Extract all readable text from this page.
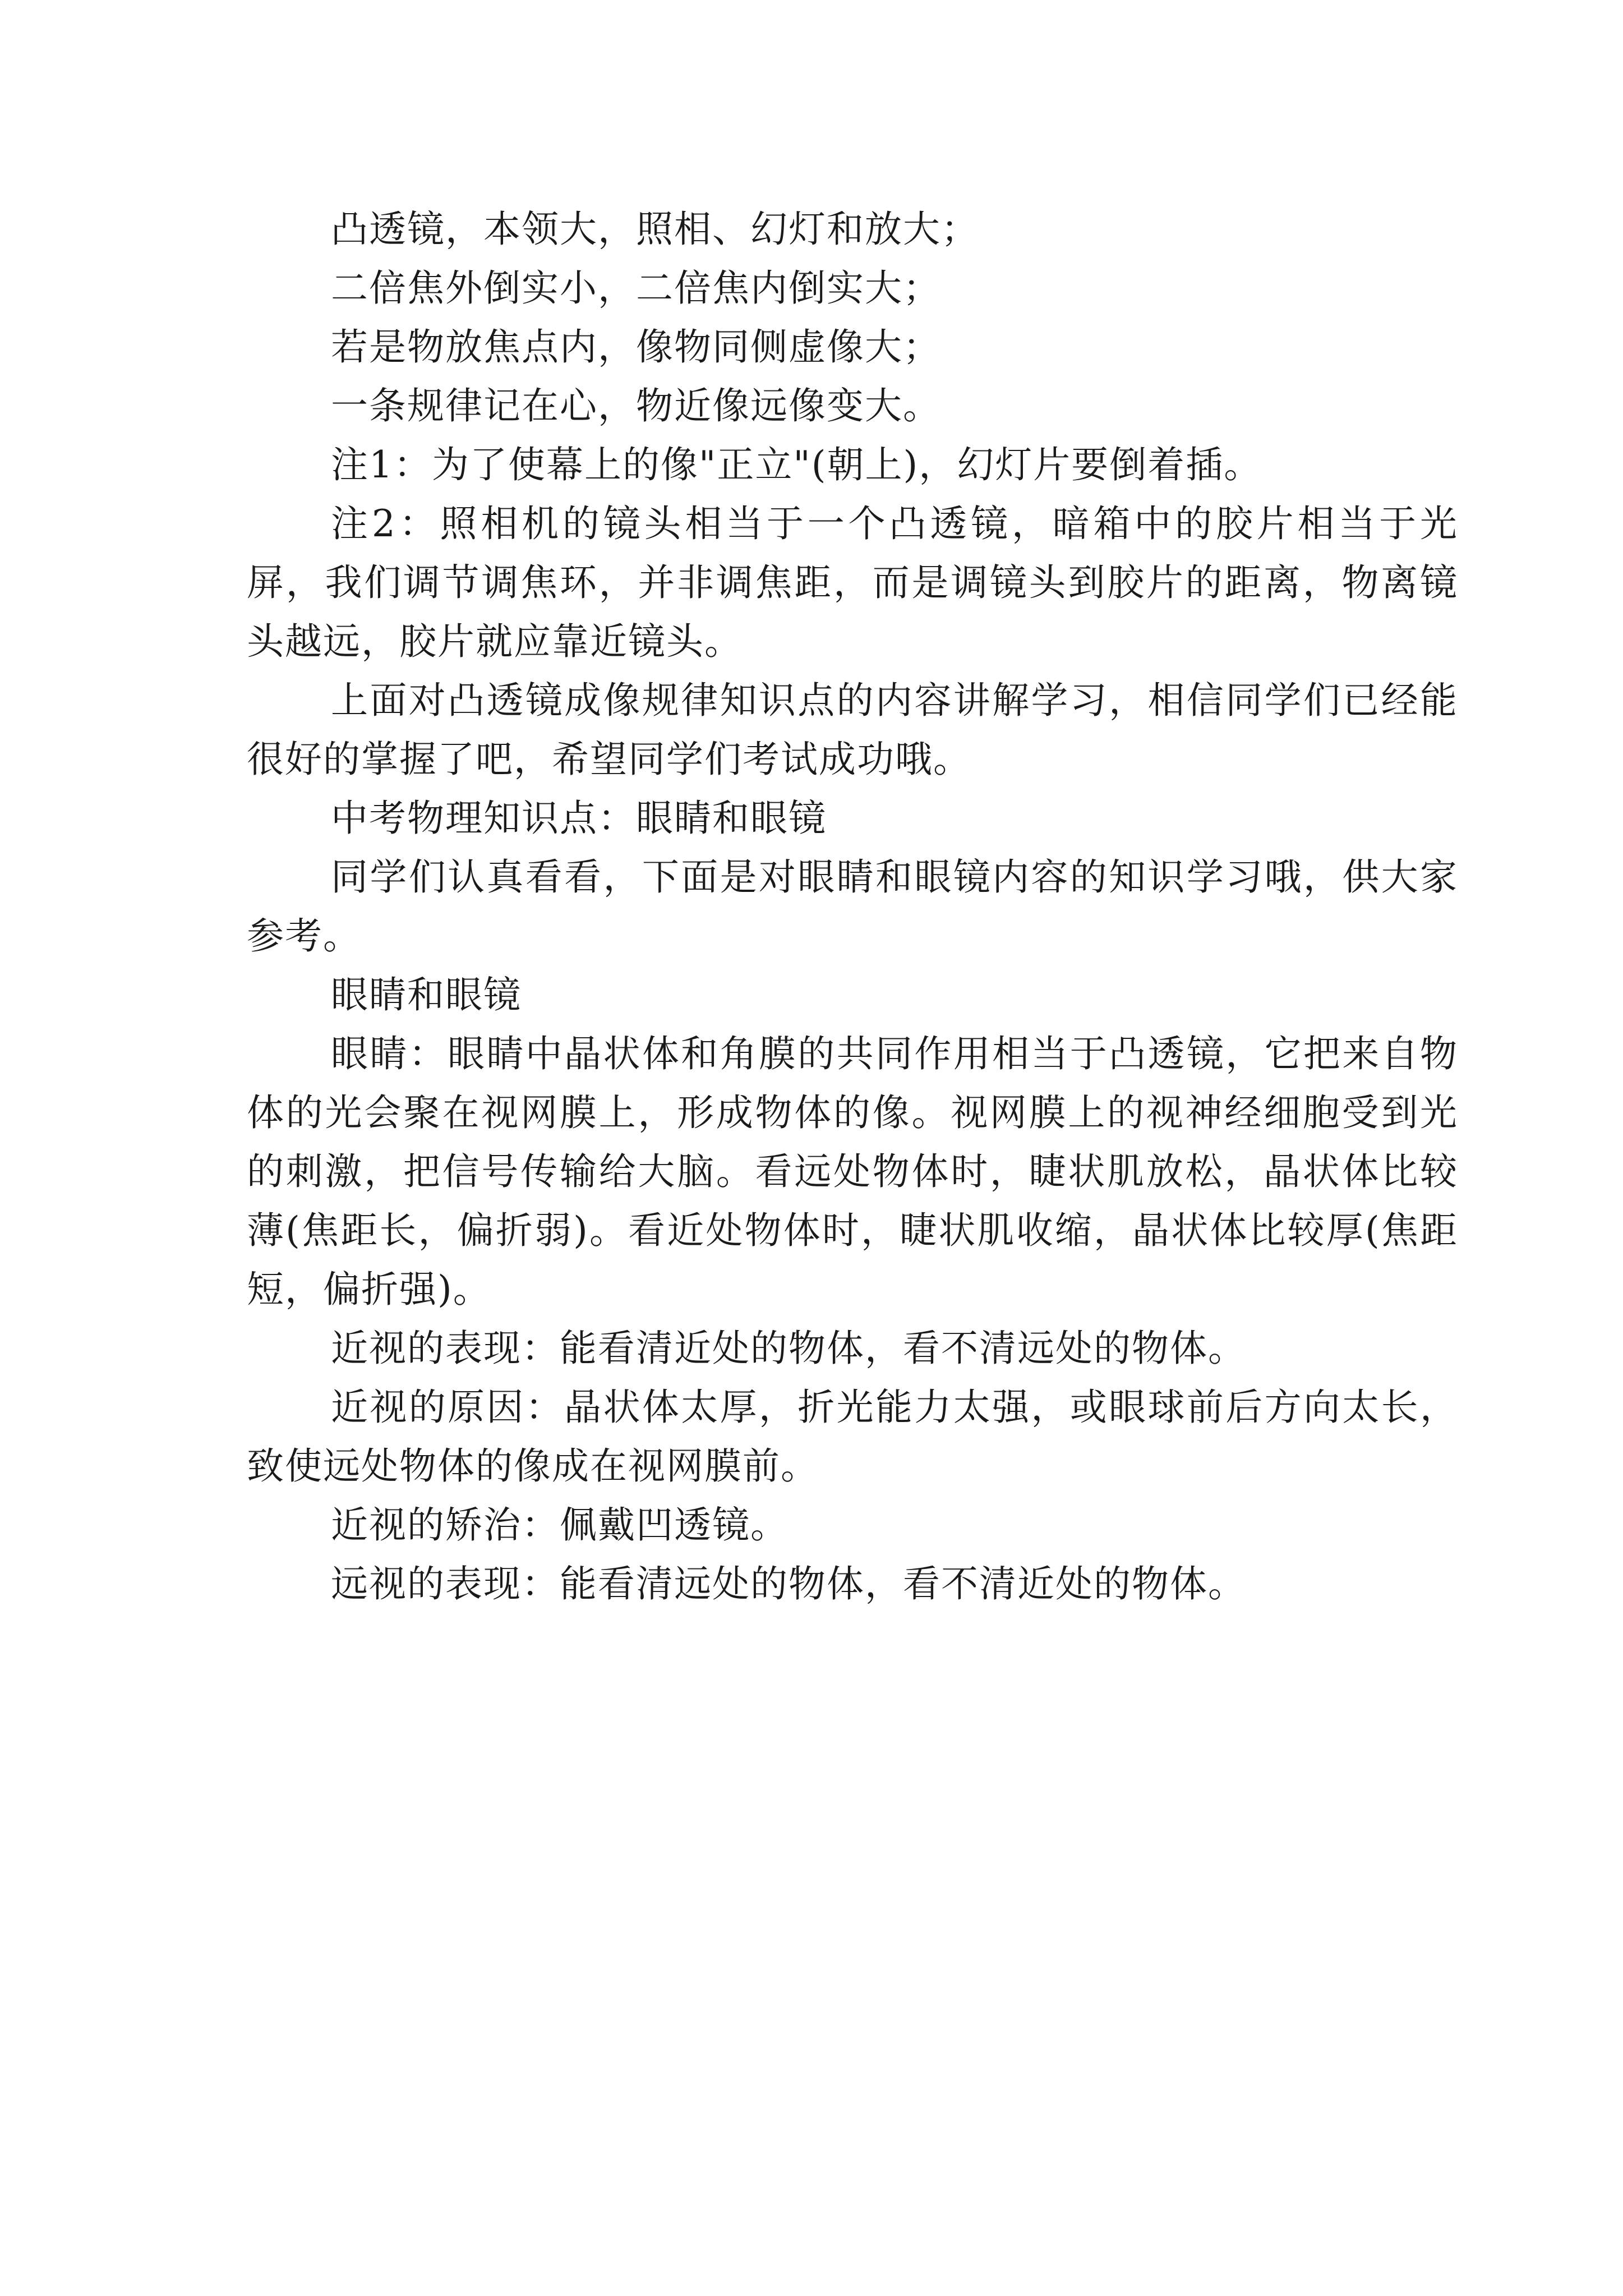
凸透镜，本领大，照相、幻灯和放大；

二倍焦外倒实小，二倍焦内倒实大；

若是物放焦点内，像物同侧虚像大；

一条规律记在心，物近像远像变大。

注1：为了使幕上的像"正立"(朝上)，幻灯片要倒着插。

注2：照相机的镜头相当于一个凸透镜，暗箱中的胶片相当于光屏，我们调节调焦环，并非调焦距，而是调镜头到胶片的距离，物离镜头越远，胶片就应靠近镜头。

上面对凸透镜成像规律知识点的内容讲解学习，相信同学们已经能很好的掌握了吧，希望同学们考试成功哦。

中考物理知识点：眼睛和眼镜

同学们认真看看，下面是对眼睛和眼镜内容的知识学习哦，供大家参考。

眼睛和眼镜

眼睛：眼睛中晶状体和角膜的共同作用相当于凸透镜，它把来自物体的光会聚在视网膜上，形成物体的像。视网膜上的视神经细胞受到光的刺激，把信号传输给大脑。看远处物体时，睫状肌放松，晶状体比较薄(焦距长，偏折弱)。看近处物体时，睫状肌收缩，晶状体比较厚(焦距短，偏折强)。

近视的表现：能看清近处的物体，看不清远处的物体。

近视的原因：晶状体太厚，折光能力太强，或眼球前后方向太长，致使远处物体的像成在视网膜前。

近视的矫治：佩戴凹透镜。

远视的表现：能看清远处的物体，看不清近处的物体。
